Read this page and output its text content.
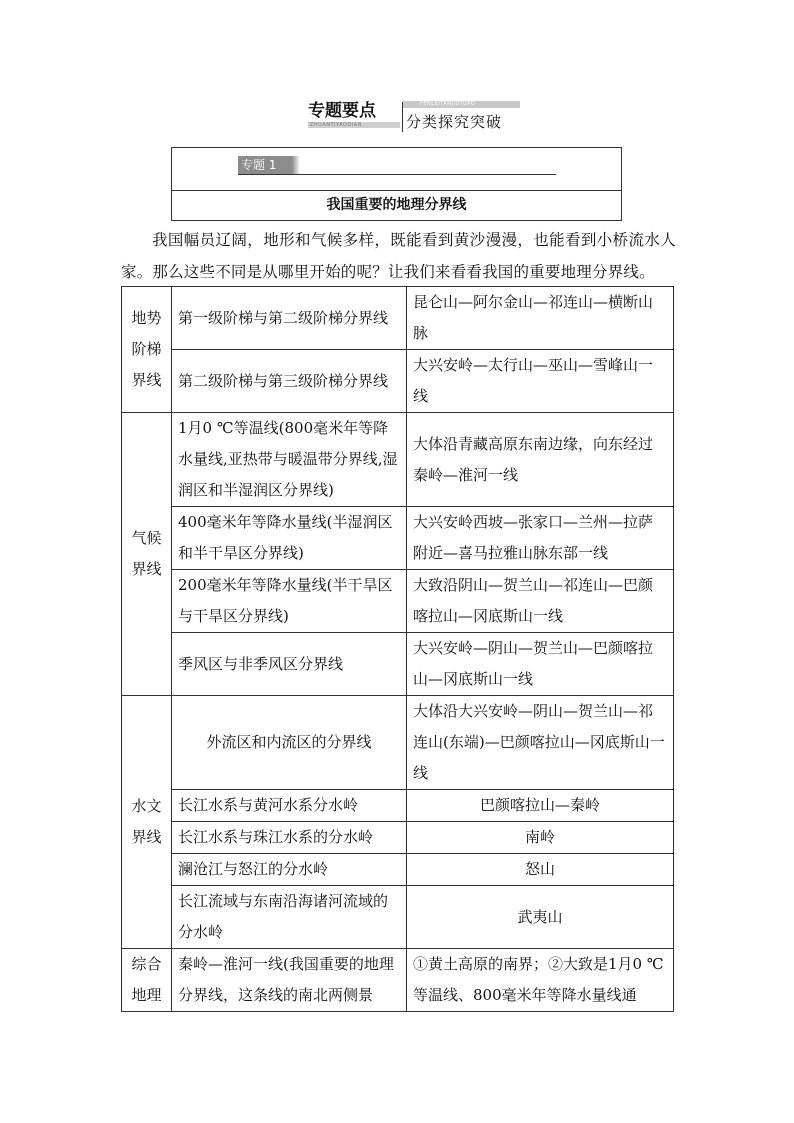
专题要点
ZHUANTIYAODIAN
FENLEITANJIUTUPO
分类探究突破
专题 1
我国重要的地理分界线
我国幅员辽阔，地形和气候多样，既能看到黄沙漫漫，也能看到小桥流水人家。那么这些不同是从哪里开始的呢？让我们来看看我国的重要地理分界线。
地势阶梯界线	第一级阶梯与第二级阶梯分界线	昆仑山—阿尔金山—祁连山—横断山脉
	第二级阶梯与第三级阶梯分界线	大兴安岭—太行山—巫山—雪峰山一线
气候界线	1月0 ℃等温线(800毫米年等降水量线,亚热带与暖温带分界线,湿润区和半湿润区分界线)	大体沿青藏高原东南边缘，向东经过秦岭—淮河一线
	400毫米年等降水量线(半湿润区和半干旱区分界线)	大兴安岭西坡—张家口—兰州—拉萨附近—喜马拉雅山脉东部一线
	200毫米年等降水量线(半干旱区与干旱区分界线)	大致沿阴山—贺兰山—祁连山—巴颜喀拉山—冈底斯山一线
	季风区与非季风区分界线	大兴安岭—阴山—贺兰山—巴颜喀拉山—冈底斯山一线
水文界线	外流区和内流区的分界线	大体沿大兴安岭—阴山—贺兰山—祁连山(东端)—巴颜喀拉山—冈底斯山一线
	长江水系与黄河水系分水岭	巴颜喀拉山—秦岭
	长江水系与珠江水系的分水岭	南岭
	澜沧江与怒江的分水岭	怒山
	长江流域与东南沿海诸河流域的分水岭	武夷山
综合地理	秦岭—淮河一线(我国重要的地理分界线，这条线的南北两侧景	①黄土高原的南界；②大致是1月0 ℃等温线、800毫米年等降水量线通
